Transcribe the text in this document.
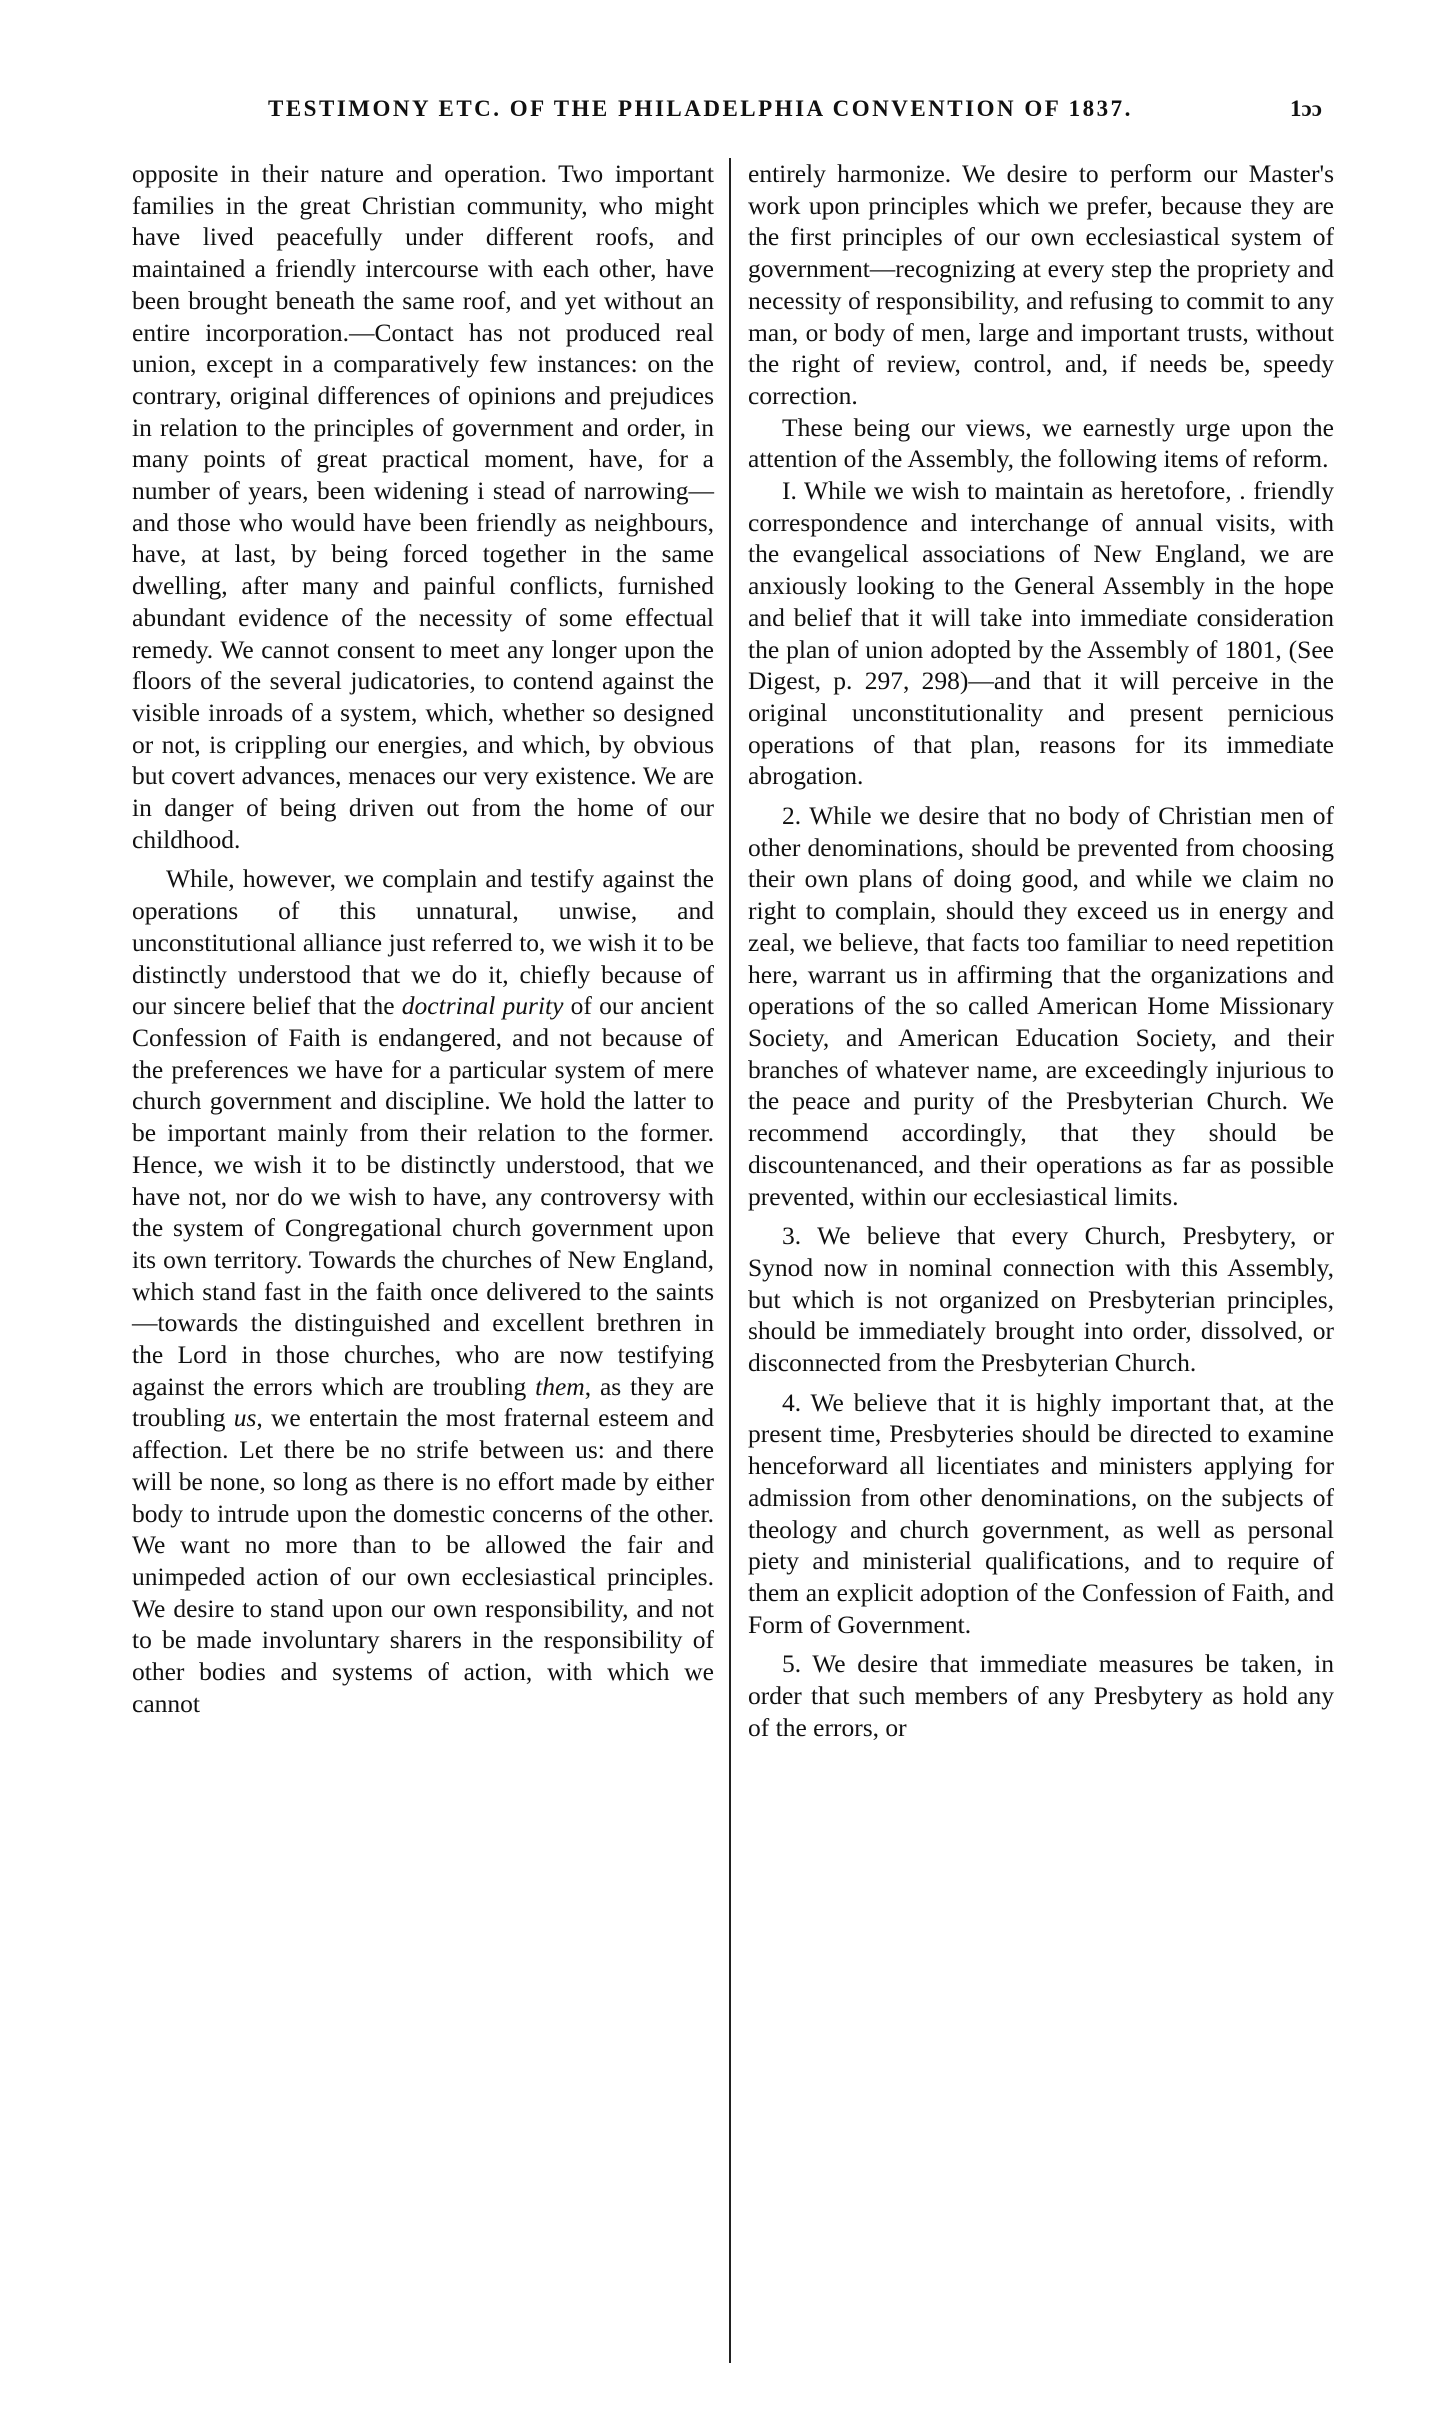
TESTIMONY ETC. OF THE PHILADELPHIA CONVENTION OF 1837.	1ɔɔ

opposite in their nature and operation. Two important families in the great Christian community, who might have lived peacefully under different roofs, and maintained a friendly intercourse with each other, have been brought beneath the same roof, and yet without an entire incorporation.—Contact has not produced real union, except in a comparatively few instances: on the contrary, original differences of opinions and prejudices in relation to the principles of government and order, in many points of great practical moment, have, for a number of years, been widening i stead of narrowing—and those who would have been friendly as neighbours, have, at last, by being forced together in the same dwelling, after many and painful conflicts, furnished abundant evidence of the necessity of some effectual remedy. We cannot consent to meet any longer upon the floors of the several judicatories, to contend against the visible inroads of a system, which, whether so designed or not, is crippling our energies, and which, by obvious but covert advances, menaces our very existence. We are in danger of being driven out from the home of our childhood.

While, however, we complain and testify against the operations of this unnatural, unwise, and unconstitutional alliance just referred to, we wish it to be distinctly understood that we do it, chiefly because of our sincere belief that the doctrinal purity of our ancient Confession of Faith is endangered, and not because of the preferences we have for a particular system of mere church government and discipline. We hold the latter to be important mainly from their relation to the former. Hence, we wish it to be distinctly understood, that we have not, nor do we wish to have, any controversy with the system of Congregational church government upon its own territory. Towards the churches of New England, which stand fast in the faith once delivered to the saints—towards the distinguished and excellent brethren in the Lord in those churches, who are now testifying against the errors which are troubling them, as they are troubling us, we entertain the most fraternal esteem and affection. Let there be no strife between us: and there will be none, so long as there is no effort made by either body to intrude upon the domestic concerns of the other. We want no more than to be allowed the fair and unimpeded action of our own ecclesiastical principles. We desire to stand upon our own responsibility, and not to be made involuntary sharers in the responsibility of other bodies and systems of action, with which we cannot

entirely harmonize. We desire to perform our Master's work upon principles which we prefer, because they are the first principles of our own ecclesiastical system of government—recognizing at every step the propriety and necessity of responsibility, and refusing to commit to any man, or body of men, large and important trusts, without the right of review, control, and, if needs be, speedy correction.

These being our views, we earnestly urge upon the attention of the Assembly, the following items of reform.

I. While we wish to maintain as heretofore, . friendly correspondence and interchange of annual visits, with the evangelical associations of New England, we are anxiously looking to the General Assembly in the hope and belief that it will take into immediate consideration the plan of union adopted by the Assembly of 1801, (See Digest, p. 297, 298)—and that it will perceive in the original unconstitutionality and present pernicious operations of that plan, reasons for its immediate abrogation.

2. While we desire that no body of Christian men of other denominations, should be prevented from choosing their own plans of doing good, and while we claim no right to complain, should they exceed us in energy and zeal, we believe, that facts too familiar to need repetition here, warrant us in affirming that the organizations and operations of the so called American Home Missionary Society, and American Education Society, and their branches of whatever name, are exceedingly injurious to the peace and purity of the Presbyterian Church. We recommend accordingly, that they should be discountenanced, and their operations as far as possible prevented, within our ecclesiastical limits.

3. We believe that every Church, Presbytery, or Synod now in nominal connection with this Assembly, but which is not organized on Presbyterian principles, should be immediately brought into order, dissolved, or disconnected from the Presbyterian Church.

4. We believe that it is highly important that, at the present time, Presbyteries should be directed to examine henceforward all licentiates and ministers applying for admission from other denominations, on the subjects of theology and church government, as well as personal piety and ministerial qualifications, and to require of them an explicit adoption of the Confession of Faith, and Form of Government.

5. We desire that immediate measures be taken, in order that such members of any Presbytery as hold any of the errors, or
